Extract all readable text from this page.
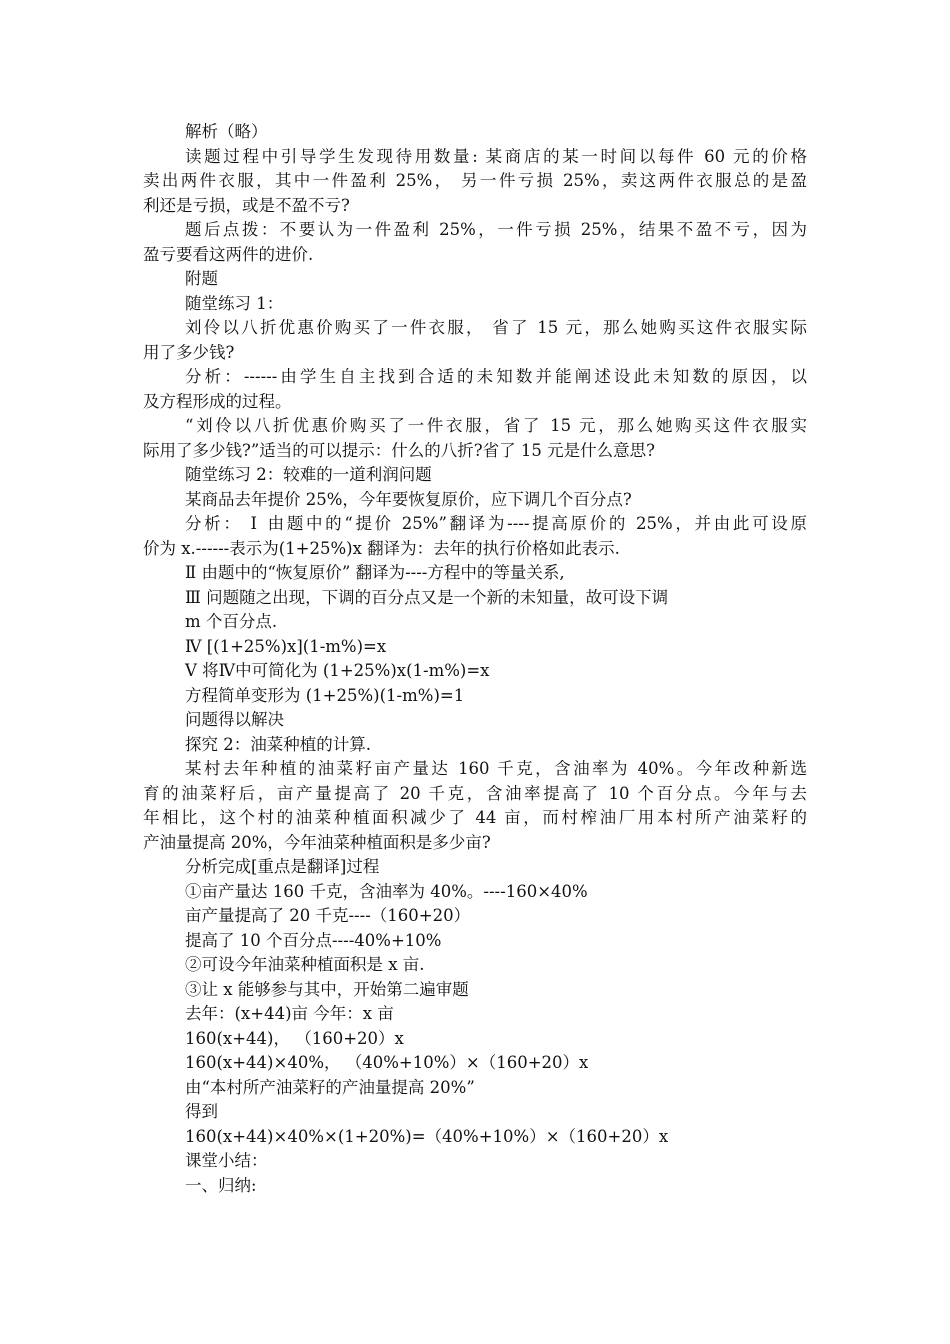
解析（略）
读题过程中引导学生发现待用数量: 某商店的某一时间以每件 60 元的价格
卖出两件衣服，其中一件盈利 25%， 另一件亏损 25%，卖这两件衣服总的是盈
利还是亏损，或是不盈不亏?
题后点拨：不要认为一件盈利 25%，一件亏损 25%，结果不盈不亏，因为
盈亏要看这两件的进价.
附题
随堂练习 1：
刘伶以八折优惠价购买了一件衣服， 省了 15 元，那么她购买这件衣服实际
用了多少钱?
分析：------由学生自主找到合适的未知数并能阐述设此未知数的原因，以
及方程形成的过程。
“刘伶以八折优惠价购买了一件衣服，省了 15 元，那么她购买这件衣服实
际用了多少钱?”适当的可以提示：什么的八折?省了 15 元是什么意思?
随堂练习 2：较难的一道利润问题
某商品去年提价 25%，今年要恢复原价，应下调几个百分点?
分析： Ⅰ 由题中的“提价 25%”翻译为----提高原价的 25%，并由此可设原
价为 x.------表示为(1+25%)x 翻译为：去年的执行价格如此表示.
Ⅱ 由题中的“恢复原价” 翻译为----方程中的等量关系,
Ⅲ 问题随之出现，下调的百分点又是一个新的未知量，故可设下调
m 个百分点.
Ⅳ [(1+25%)x](1-m%)=x
Ⅴ 将Ⅳ中可简化为 (1+25%)x(1-m%)=x
方程简单变形为 (1+25%)(1-m%)=1
问题得以解决
探究 2：油菜种植的计算.
某村去年种植的油菜籽亩产量达 160 千克，含油率为 40%。今年改种新选
育的油菜籽后，亩产量提高了 20 千克，含油率提高了 10 个百分点。今年与去
年相比，这个村的油菜种植面积减少了 44 亩，而村榨油厂用本村所产油菜籽的
产油量提高 20%，今年油菜种植面积是多少亩?
分析完成[重点是翻译]过程
①亩产量达 160 千克，含油率为 40%。----160×40%
亩产量提高了 20 千克----（160+20）
提高了 10 个百分点----40%+10%
②可设今年油菜种植面积是 x 亩.
③让 x 能够参与其中，开始第二遍审题
去年：(x+44)亩 今年：x 亩
160(x+44)， （160+20）x
160(x+44)×40%， （40%+10%）×（160+20）x
由“本村所产油菜籽的产油量提高 20%”
得到
160(x+44)×40%×(1+20%)=（40%+10%）×（160+20）x
课堂小结：
一、归纳:
